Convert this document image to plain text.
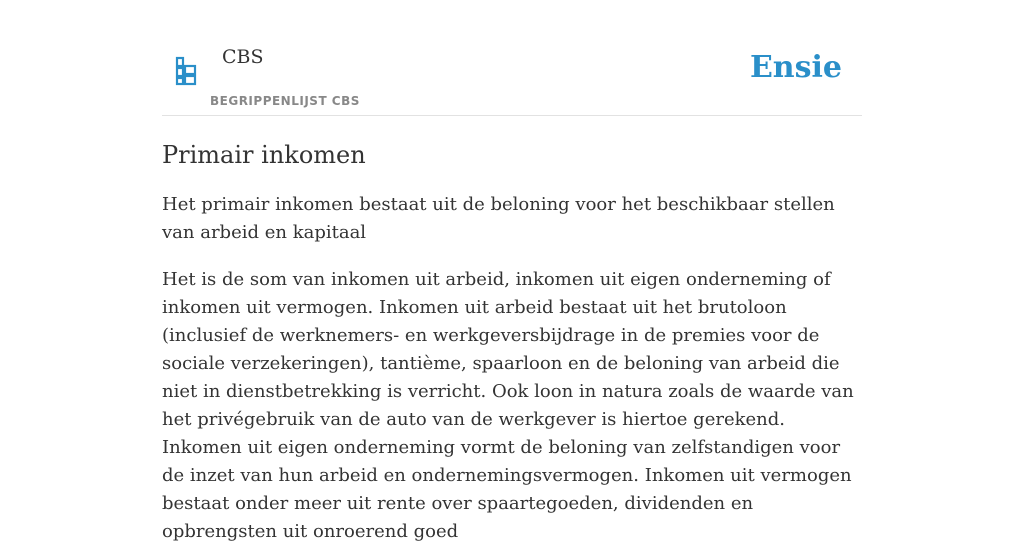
CBS
BEGRIPPENLIJST CBS
Ensie
Primair inkomen

Het primair inkomen bestaat uit de beloning voor het beschikbaar stellen van arbeid en kapitaal

Het is de som van inkomen uit arbeid, inkomen uit eigen onderneming of inkomen uit vermogen. Inkomen uit arbeid bestaat uit het brutoloon (inclusief de werknemers- en werkgeversbijdrage in de premies voor de sociale verzekeringen), tantième, spaarloon en de beloning van arbeid die niet in dienstbetrekking is verricht. Ook loon in natura zoals de waarde van het privégebruik van de auto van de werkgever is hiertoe gerekend. Inkomen uit eigen onderneming vormt de beloning van zelfstandigen voor de inzet van hun arbeid en ondernemingsvermogen. Inkomen uit vermogen bestaat onder meer uit rente over spaartegoeden, dividenden en opbrengsten uit onroerend goed
